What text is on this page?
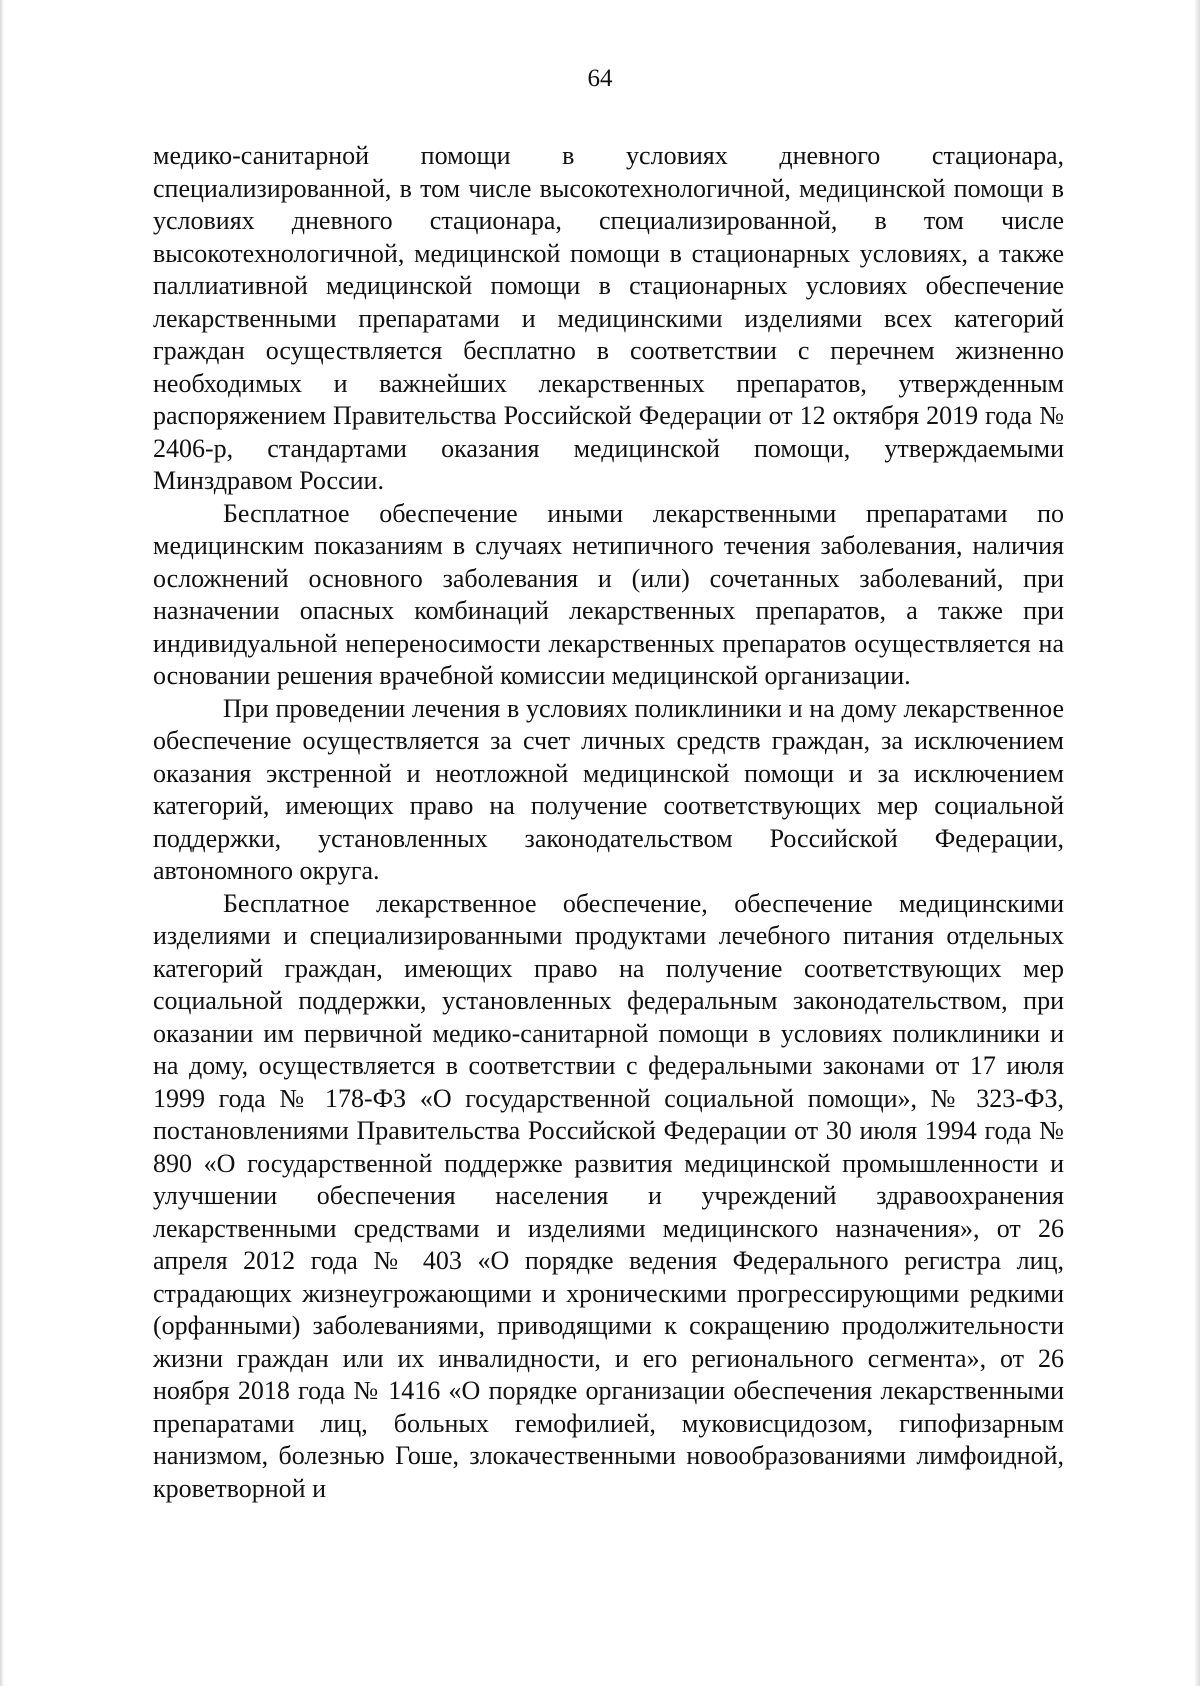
64

медико-санитарной помощи в условиях дневного стационара, специализированной, в том числе высокотехнологичной, медицинской помощи в условиях дневного стационара, специализированной, в том числе высокотехнологичной, медицинской помощи в стационарных условиях, а также паллиативной медицинской помощи в стационарных условиях обеспечение лекарственными препаратами и медицинскими изделиями всех категорий граждан осуществляется бесплатно в соответствии с перечнем жизненно необходимых и важнейших лекарственных препаратов, утвержденным распоряжением Правительства Российской Федерации от 12 октября 2019 года № 2406-р, стандартами оказания медицинской помощи, утверждаемыми Минздравом России.

Бесплатное обеспечение иными лекарственными препаратами по медицинским показаниям в случаях нетипичного течения заболевания, наличия осложнений основного заболевания и (или) сочетанных заболеваний, при назначении опасных комбинаций лекарственных препаратов, а также при индивидуальной непереносимости лекарственных препаратов осуществляется на основании решения врачебной комиссии медицинской организации.

При проведении лечения в условиях поликлиники и на дому лекарственное обеспечение осуществляется за счет личных средств граждан, за исключением оказания экстренной и неотложной медицинской помощи и за исключением категорий, имеющих право на получение соответствующих мер социальной поддержки, установленных законодательством Российской Федерации, автономного округа.

Бесплатное лекарственное обеспечение, обеспечение медицинскими изделиями и специализированными продуктами лечебного питания отдельных категорий граждан, имеющих право на получение соответствующих мер социальной поддержки, установленных федеральным законодательством, при оказании им первичной медико-санитарной помощи в условиях поликлиники и на дому, осуществляется в соответствии с федеральными законами от 17 июля 1999 года № 178-ФЗ «О государственной социальной помощи», № 323-ФЗ, постановлениями Правительства Российской Федерации от 30 июля 1994 года № 890 «О государственной поддержке развития медицинской промышленности и улучшении обеспечения населения и учреждений здравоохранения лекарственными средствами и изделиями медицинского назначения», от 26 апреля 2012 года № 403 «О порядке ведения Федерального регистра лиц, страдающих жизнеугрожающими и хроническими прогрессирующими редкими (орфанными) заболеваниями, приводящими к сокращению продолжительности жизни граждан или их инвалидности, и его регионального сегмента», от 26 ноября 2018 года № 1416 «О порядке организации обеспечения лекарственными препаратами лиц, больных гемофилией, муковисцидозом, гипофизарным нанизмом, болезнью Гоше, злокачественными новообразованиями лимфоидной, кроветворной и
